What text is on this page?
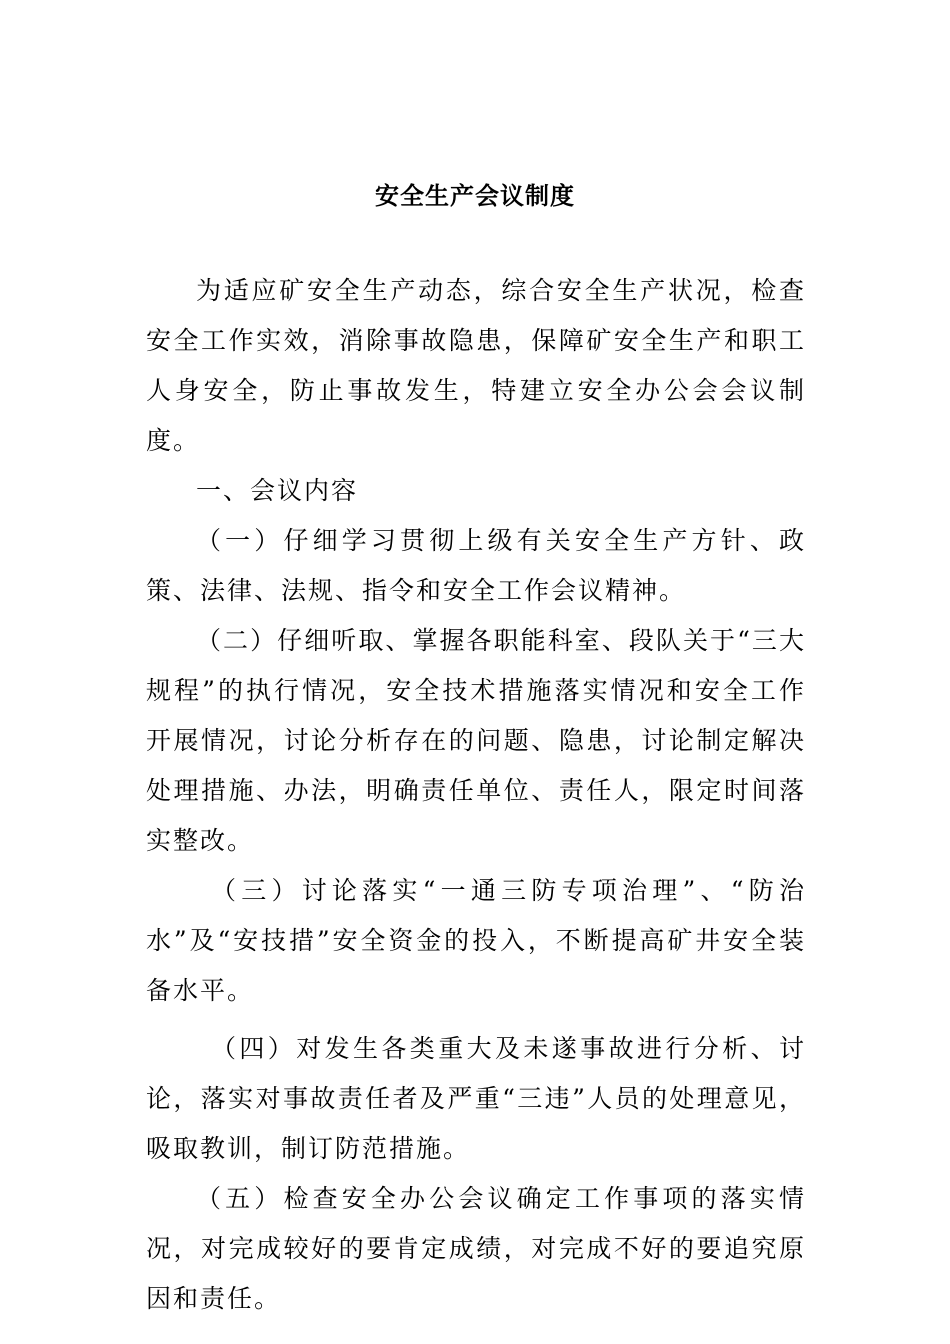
安全生产会议制度

为适应矿安全生产动态，综合安全生产状况，检查安全工作实效，消除事故隐患，保障矿安全生产和职工人身安全，防止事故发生，特建立安全办公会会议制度。

一、会议内容

（一）仔细学习贯彻上级有关安全生产方针、政策、法律、法规、指令和安全工作会议精神。

（二）仔细听取、掌握各职能科室、段队关于“三大规程”的执行情况，安全技术措施落实情况和安全工作开展情况，讨论分析存在的问题、隐患，讨论制定解决处理措施、办法，明确责任单位、责任人，限定时间落实整改。

（三）讨论落实“一通三防专项治理”、“防治水”及“安技措”安全资金的投入，不断提高矿井安全装备水平。

（四）对发生各类重大及未遂事故进行分析、讨论，落实对事故责任者及严重“三违”人员的处理意见，吸取教训，制订防范措施。

（五）检查安全办公会议确定工作事项的落实情况，对完成较好的要肯定成绩，对完成不好的要追究原因和责任。
